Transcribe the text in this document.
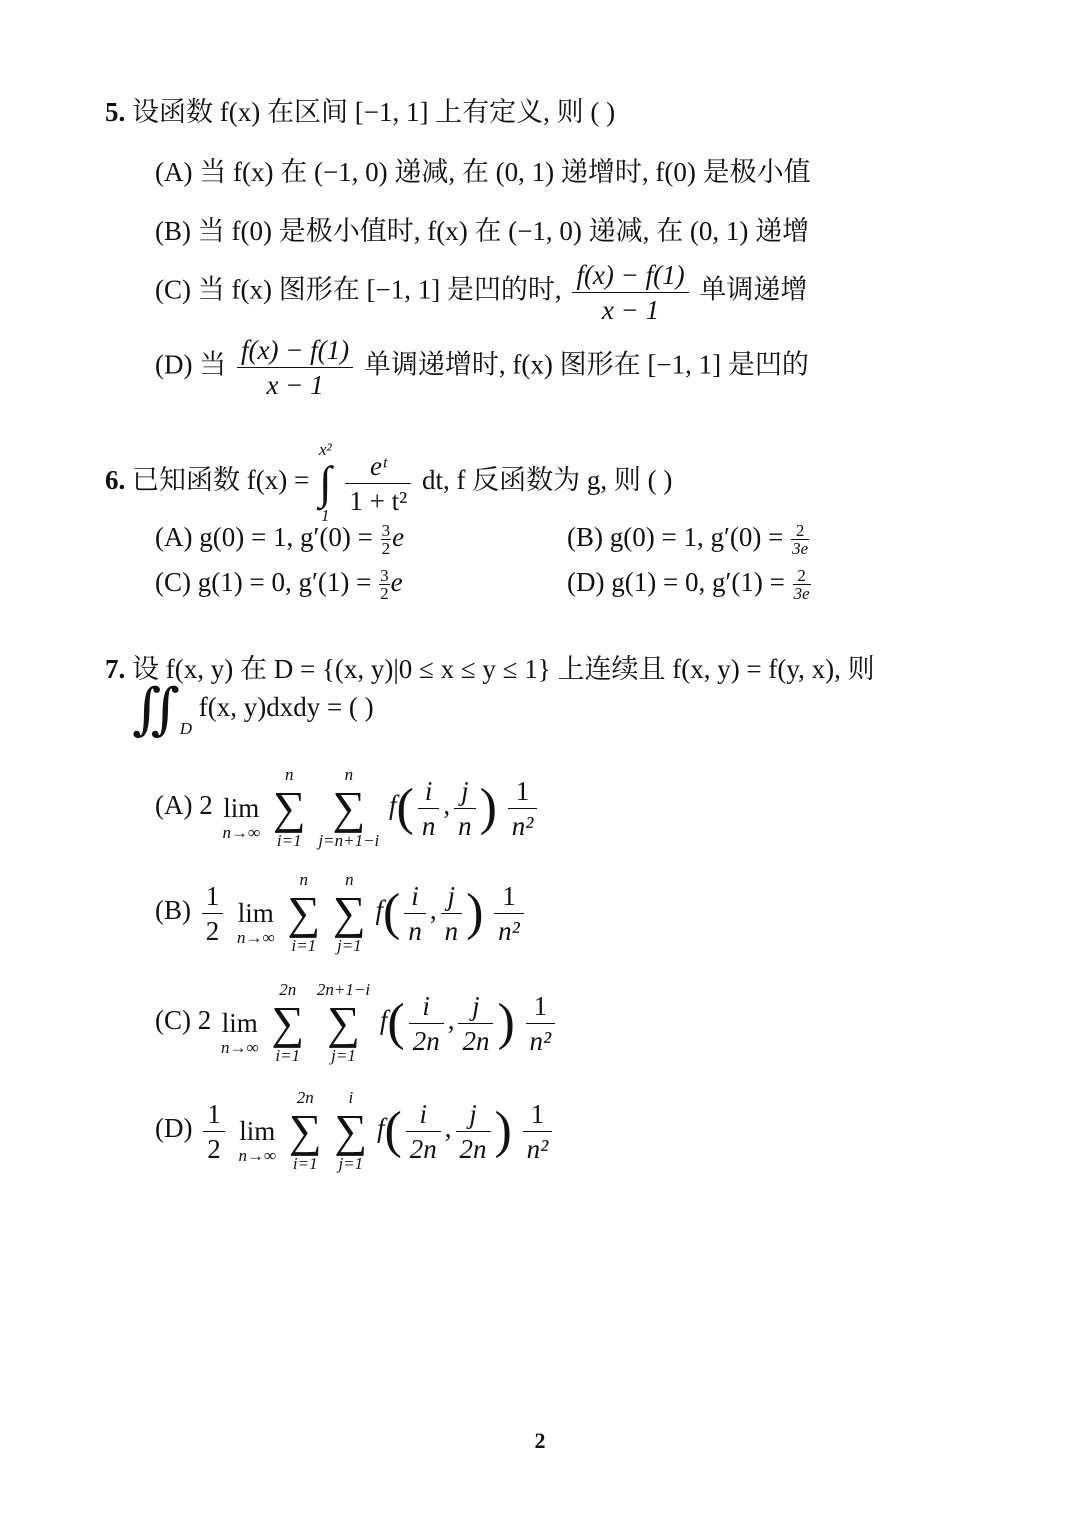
5. 设函数 f(x) 在区间 [−1, 1] 上有定义, 则 ( )
(A) 当 f(x) 在 (−1, 0) 递减, 在 (0, 1) 递增时, f(0) 是极小值
(B) 当 f(0) 是极小值时, f(x) 在 (−1, 0) 递减, 在 (0, 1) 递增
(C) 当 f(x) 图形在 [−1, 1] 是凹的时, $\frac{f(x) - f(1)}{x - 1}$ 单调递增
(D) 当 $\frac{f(x) - f(1)}{x - 1}$ 单调递增时, f(x) 图形在 [−1, 1] 是凹的
6. 已知函数 f(x) =
x²
∫
1
$\frac{\text{eᵗ}}{\text{1 + t²}}$ dt, f 反函数为 g, 则 ( )
(A) g(0) = 1, $g'(0) = \frac{3}{2}$ e	(B) g(0) = 1, $g'(0) = \frac{2}{3e}$
(C) g(1) = 0, $g'(1) = \frac{3}{2}$ e	(D) g(1) = 0, $g'(1) = \frac{2}{3e}$
7. 设 f(x, y) 在 D = {(x, y)|0 ≤ x ≤ y ≤ 1} 上连续且 f(x, y) = f(y, x), 则
$∬_D$ f(x, y)dxdy = ( )
(A) 2
lim
n→∞

n
∑
i=1

n
∑
j=n+1−i
$f( \frac{i}{n}$ , $\frac{j}{n}$ ) $\frac{1}{\text{n²}}$
$(B) \frac{1}{2}$

lim
n→∞

n
∑
i=1

n
∑
j=1
$f( \frac{i}{n}$ , $\frac{j}{n}$ ) $\frac{1}{\text{n²}}$
(C) 2
lim
n→∞

2n
∑
i=1

2n+1−i
∑
j=1
$f( \frac{i}{2n}$ , $\frac{j}{2n}$ ) $\frac{1}{\text{n²}}$
$(D) \frac{1}{2}$

lim
n→∞

2n
∑
i=1

i
∑
j=1
$f( \frac{i}{2n}$ , $\frac{j}{2n}$ ) $\frac{1}{\text{n²}}$
2
